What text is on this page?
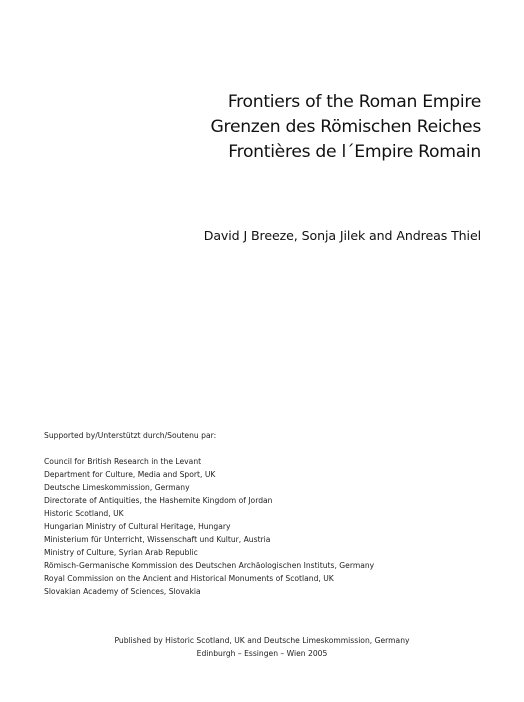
Frontiers of the Roman Empire
Grenzen des Römischen Reiches
Frontières de l´Empire Romain
David J Breeze, Sonja Jilek and Andreas Thiel
Supported by/Unterstützt durch/Soutenu par:
Council for British Research in the Levant
Department for Culture, Media and Sport, UK
Deutsche Limeskommission, Germany
Directorate of Antiquities, the Hashemite Kingdom of Jordan
Historic Scotland, UK
Hungarian Ministry of Cultural Heritage, Hungary
Ministerium für Unterricht, Wissenschaft und Kultur, Austria
Ministry of Culture, Syrian Arab Republic
Römisch-Germanische Kommission des Deutschen Archäologischen Instituts, Germany
Royal Commission on the Ancient and Historical Monuments of Scotland, UK
Slovakian Academy of Sciences, Slovakia
Published by Historic Scotland, UK and Deutsche Limeskommission, Germany
Edinburgh – Essingen – Wien 2005
